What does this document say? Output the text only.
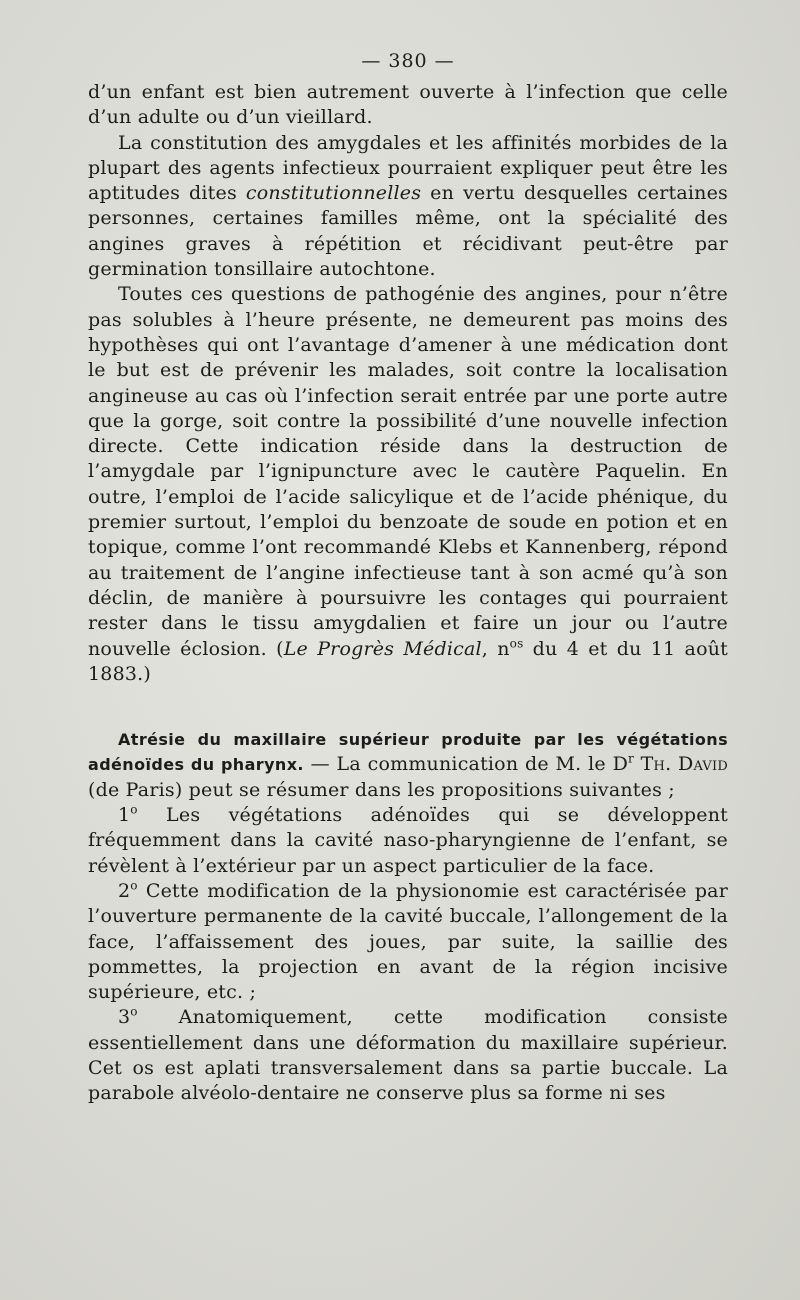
— 380 —

d’un enfant est bien autrement ouverte à l’infection que celle d’un adulte ou d’un vieillard.

La constitution des amygdales et les affinités morbides de la plupart des agents infectieux pourraient expliquer peut être les aptitudes dites constitutionnelles en vertu desquelles certaines personnes, certaines familles même, ont la spécialité des angines graves à répétition et récidivant peut-être par germination tonsillaire autochtone.

Toutes ces questions de pathogénie des angines, pour n’être pas solubles à l’heure présente, ne demeurent pas moins des hypothèses qui ont l’avantage d’amener à une médication dont le but est de prévenir les malades, soit contre la localisation angineuse au cas où l’infection serait entrée par une porte autre que la gorge, soit contre la possibilité d’une nouvelle infection directe. Cette indication réside dans la destruction de l’amygdale par l’ignipuncture avec le cautère Paquelin. En outre, l’emploi de l’acide salicylique et de l’acide phénique, du premier surtout, l’emploi du benzoate de soude en potion et en topique, comme l’ont recommandé Klebs et Kannenberg, répond au traitement de l’angine infectieuse tant à son acmé qu’à son déclin, de manière à poursuivre les contages qui pourraient rester dans le tissu amygdalien et faire un jour ou l’autre nouvelle éclosion. (Le Progrès Médical, $n^{os}$ du 4 et du 11 août 1883.)

Atrésie du maxillaire supérieur produite par les végétations adénoïdes du pharynx. — La communication de M. le $D^r$ Th. David (de Paris) peut se résumer dans les propositions suivantes ;

1$^o$ Les végétations adénoïdes qui se développent fréquemment dans la cavité naso-pharyngienne de l’enfant, se révèlent à l’extérieur par un aspect particulier de la face.

2$^o$ Cette modification de la physionomie est caractérisée par l’ouverture permanente de la cavité buccale, l’allongement de la face, l’affaissement des joues, par suite, la saillie des pommettes, la projection en avant de la région incisive supérieure, etc. ;

3$^o$ Anatomiquement, cette modification consiste essentiellement dans une déformation du maxillaire supérieur. Cet os est aplati transversalement dans sa partie buccale. La parabole alvéolo-dentaire ne conserve plus sa forme ni ses
